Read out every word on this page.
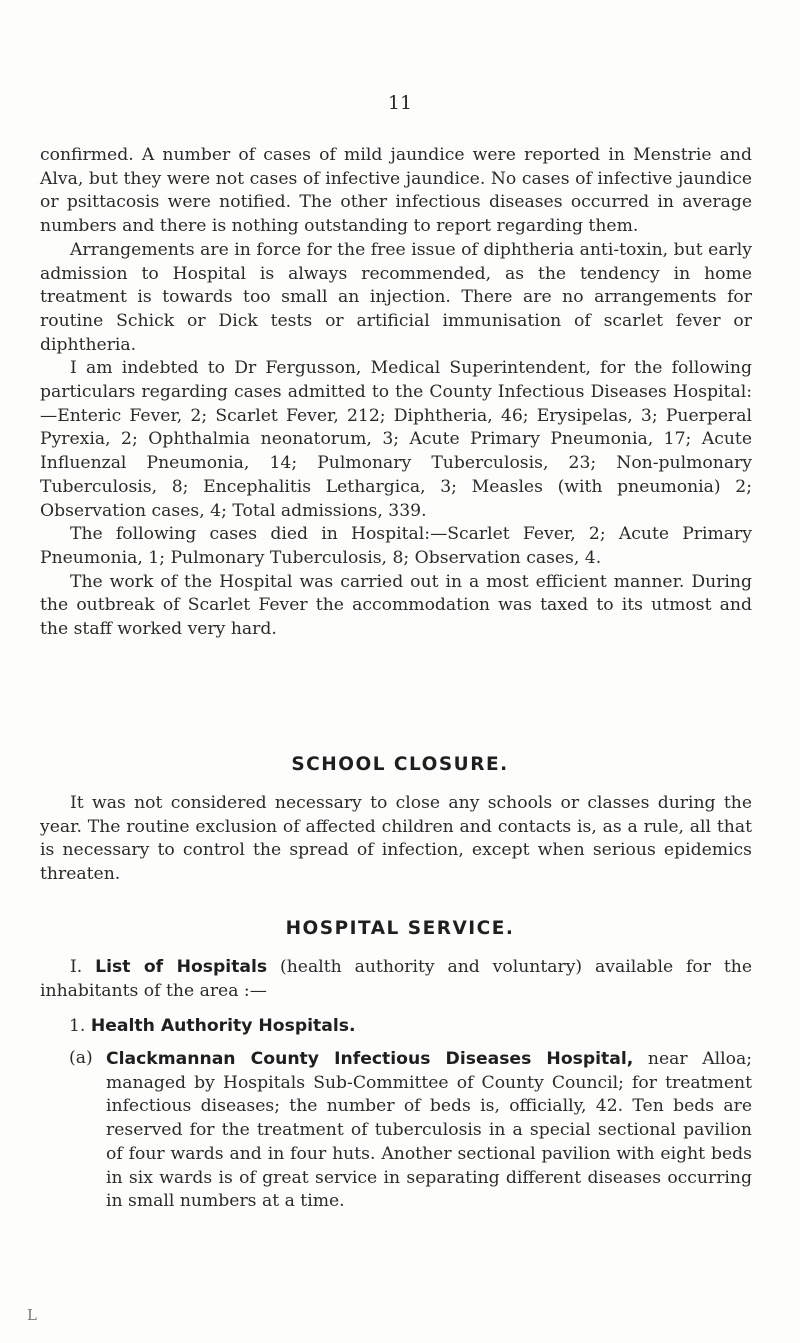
11

confirmed. A number of cases of mild jaundice were reported in Menstrie and Alva, but they were not cases of infective jaundice. No cases of infective jaundice or psittacosis were notified. The other infectious diseases occurred in average numbers and there is nothing outstanding to report regarding them.

Arrangements are in force for the free issue of diphtheria anti-toxin, but early admission to Hospital is always recommended, as the tendency in home treatment is towards too small an injection. There are no arrangements for routine Schick or Dick tests or artificial immunisation of scarlet fever or diphtheria.

I am indebted to Dr Fergusson, Medical Superintendent, for the following particulars regarding cases admitted to the County Infectious Diseases Hospital:—Enteric Fever, 2; Scarlet Fever, 212; Diphtheria, 46; Erysipelas, 3; Puerperal Pyrexia, 2; Ophthalmia neonatorum, 3; Acute Primary Pneumonia, 17; Acute Influenzal Pneumonia, 14; Pulmonary Tuberculosis, 23; Non-pulmonary Tuberculosis, 8; Encephalitis Lethargica, 3; Measles (with pneumonia) 2; Observation cases, 4; Total admissions, 339.

The following cases died in Hospital:—Scarlet Fever, 2; Acute Primary Pneumonia, 1; Pulmonary Tuberculosis, 8; Observation cases, 4.

The work of the Hospital was carried out in a most efficient manner. During the outbreak of Scarlet Fever the accommodation was taxed to its utmost and the staff worked very hard.

SCHOOL CLOSURE.

It was not considered necessary to close any schools or classes during the year. The routine exclusion of affected children and contacts is, as a rule, all that is necessary to control the spread of infection, except when serious epidemics threaten.

HOSPITAL SERVICE.

I. List of Hospitals (health authority and voluntary) available for the inhabitants of the area :—

1. Health Authority Hospitals.
(a) Clackmannan County Infectious Diseases Hospital, near Alloa; managed by Hospitals Sub-Committee of County Council; for treatment infectious diseases; the number of beds is, officially, 42. Ten beds are reserved for the treatment of tuberculosis in a special sectional pavilion of four wards and in four huts. Another sectional pavilion with eight beds in six wards is of great service in separating different diseases occurring in small numbers at a time.
L
